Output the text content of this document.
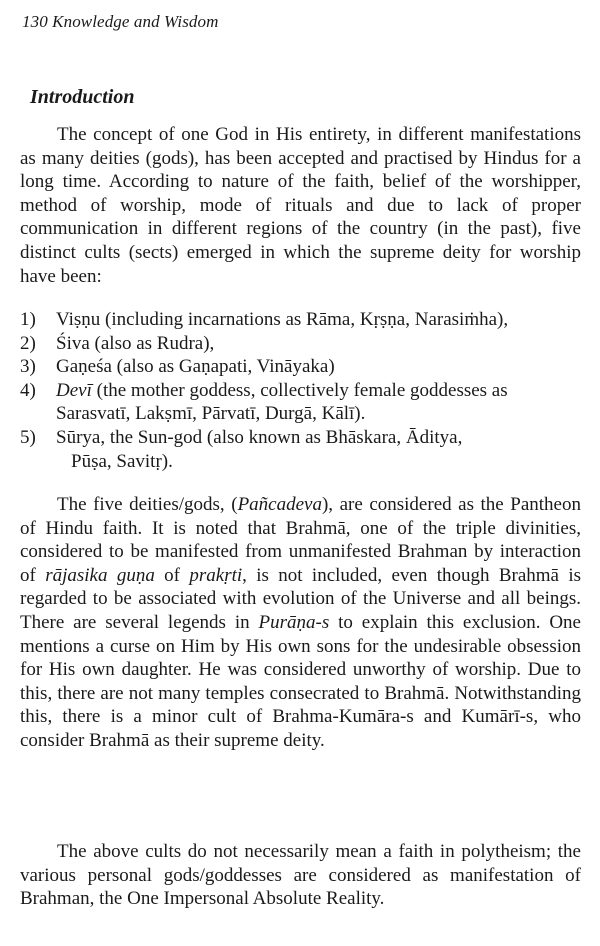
130 Knowledge and Wisdom
Introduction
The concept of one God in His entirety, in different manifestations as many deities (gods), has been accepted and practised by Hindus for a long time. According to nature of the faith, belief of the worshipper, method of worship, mode of rituals and due to lack of proper communication in different regions of the country (in the past), five distinct cults (sects) emerged in which the supreme deity for worship have been:
1) Viṣṇu (including incarnations as Rāma, Kṛṣṇa, Narasiṁha),
2) Śiva (also as Rudra),
3) Gaṇeśa (also as Gaṇapati, Vināyaka)
4) Devī (the mother goddess, collectively female goddesses as Sarasvatī, Lakṣmī, Pārvatī, Durgā, Kālī).
5) Sūrya, the Sun-god (also known as Bhāskara, Āditya,
Pūṣa, Savitṛ).
The five deities/gods, (Pañcadeva), are considered as the Pantheon of Hindu faith. It is noted that Brahmā, one of the triple divinities, considered to be manifested from unmanifested Brahman by interaction of rājasika guṇa of prakṛti, is not included, even though Brahmā is regarded to be associated with evolution of the Universe and all beings. There are several legends in Purāṇa-s to explain this exclusion. One mentions a curse on Him by His own sons for the undesirable obsession for His own daughter. He was considered unworthy of worship. Due to this, there are not many temples consecrated to Brahmā. Notwithstanding this, there is a minor cult of Brahma-Kumāra-s and Kumārī-s, who consider Brahmā as their supreme deity.
The above cults do not necessarily mean a faith in polytheism; the various personal gods/goddesses are considered as manifestation of Brahman, the One Impersonal Absolute Reality.
